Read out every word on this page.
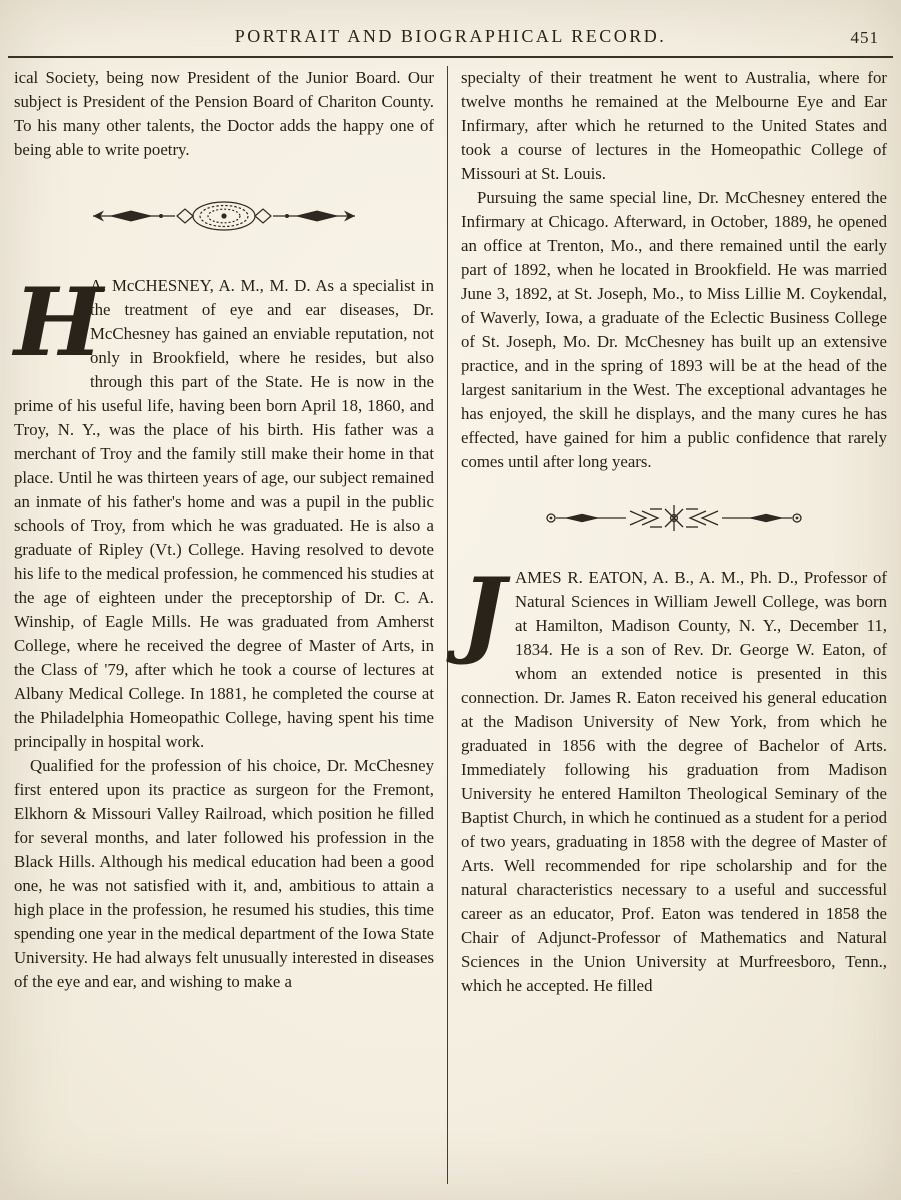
PORTRAIT AND BIOGRAPHICAL RECORD.	451

ical Society, being now President of the Junior Board. Our subject is President of the Pension Board of Chariton County. To his many other talents, the Doctor adds the happy one of being able to write poetry.

H
A. McCHESNEY, A. M., M. D. As a specialist in the treatment of eye and ear diseases, Dr. McChesney has gained an enviable reputation, not only in Brookfield, where he resides, but also through this part of the State. He is now in the prime of his useful life, having been born April 18, 1860, and Troy, N. Y., was the place of his birth. His father was a merchant of Troy and the family still make their home in that place. Until he was thirteen years of age, our subject remained an inmate of his father's home and was a pupil in the public schools of Troy, from which he was graduated. He is also a graduate of Ripley (Vt.) College. Having resolved to devote his life to the medical profession, he commenced his studies at the age of eighteen under the preceptorship of Dr. C. A. Winship, of Eagle Mills. He was graduated from Amherst College, where he received the degree of Master of Arts, in the Class of '79, after which he took a course of lectures at Albany Medical College. In 1881, he completed the course at the Philadelphia Homeopathic College, having spent his time principally in hospital work.

Qualified for the profession of his choice, Dr. McChesney first entered upon its practice as surgeon for the Fremont, Elkhorn & Missouri Valley Railroad, which position he filled for several months, and later followed his profession in the Black Hills. Although his medical education had been a good one, he was not satisfied with it, and, ambitious to attain a high place in the profession, he resumed his studies, this time spending one year in the medical department of the Iowa State University. He had always felt unusually interested in diseases of the eye and ear, and wishing to make a

specialty of their treatment he went to Australia, where for twelve months he remained at the Melbourne Eye and Ear Infirmary, after which he returned to the United States and took a course of lectures in the Homeopathic College of Missouri at St. Louis.

Pursuing the same special line, Dr. McChesney entered the Infirmary at Chicago. Afterward, in October, 1889, he opened an office at Trenton, Mo., and there remained until the early part of 1892, when he located in Brookfield. He was married June 3, 1892, at St. Joseph, Mo., to Miss Lillie M. Coykendal, of Waverly, Iowa, a graduate of the Eclectic Business College of St. Joseph, Mo. Dr. McChesney has built up an extensive practice, and in the spring of 1893 will be at the head of the largest sanitarium in the West. The exceptional advantages he has enjoyed, the skill he displays, and the many cures he has effected, have gained for him a public confidence that rarely comes until after long years.

JAMES R. EATON, A. B., A. M., Ph. D., Professor of Natural Sciences in William Jewell College, was born at Hamilton, Madison County, N. Y., December 11, 1834. He is a son of Rev. Dr. George W. Eaton, of whom an extended notice is presented in this connection. Dr. James R. Eaton received his general education at the Madison University of New York, from which he graduated in 1856 with the degree of Bachelor of Arts. Immediately following his graduation from Madison University he entered Hamilton Theological Seminary of the Baptist Church, in which he continued as a student for a period of two years, graduating in 1858 with the degree of Master of Arts. Well recommended for ripe scholarship and for the natural characteristics necessary to a useful and successful career as an educator, Prof. Eaton was tendered in 1858 the Chair of Adjunct-Professor of Mathematics and Natural Sciences in the Union University at Murfreesboro, Tenn., which he accepted. He filled
